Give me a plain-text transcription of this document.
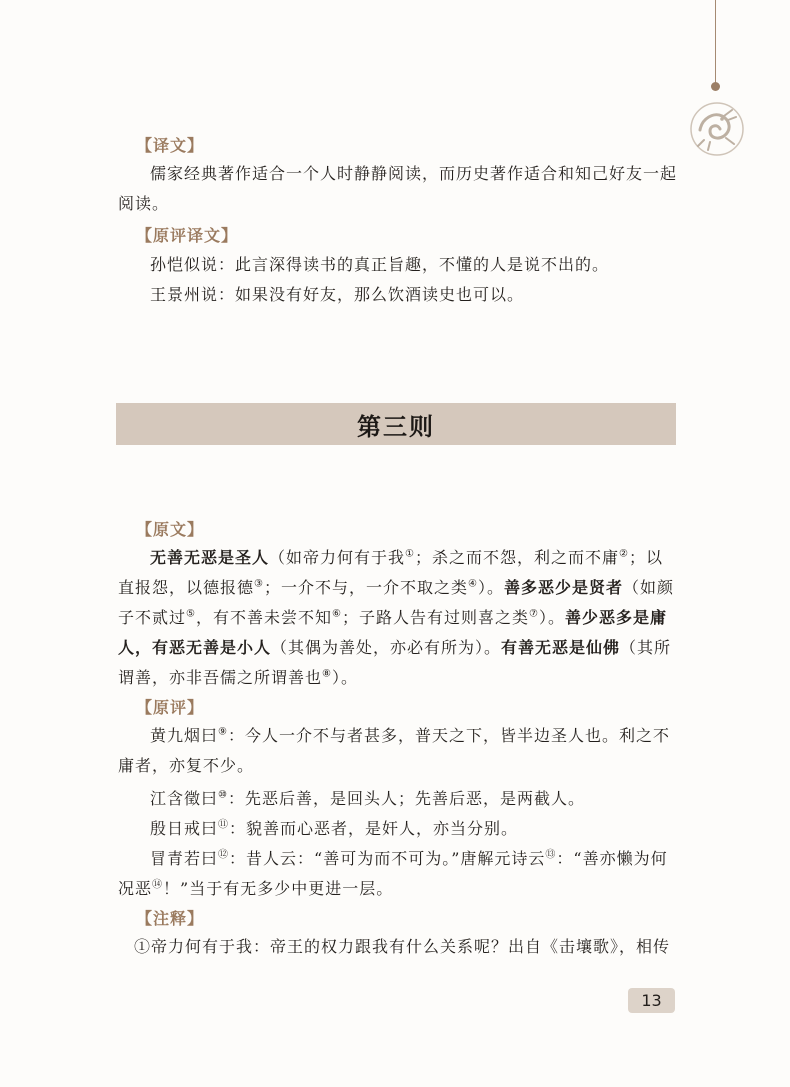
【译文】

儒家经典著作适合一个人时静静阅读，而历史著作适合和知己好友一起阅读。

【原评译文】

孙恺似说：此言深得读书的真正旨趣，不懂的人是说不出的。

王景州说：如果没有好友，那么饮酒读史也可以。

第三则
【原文】

无善无恶是圣人（如帝力何有于我①；杀之而不怨，利之而不庸②；以直报怨，以德报德③；一介不与，一介不取之类④）。善多恶少是贤者（如颜子不贰过⑤，有不善未尝不知⑥；子路人告有过则喜之类⑦）。善少恶多是庸人，有恶无善是小人（其偶为善处，亦必有所为）。有善无恶是仙佛（其所谓善，亦非吾儒之所谓善也⑧）。

【原评】

黄九烟曰⑨：今人一介不与者甚多，普天之下，皆半边圣人也。利之不庸者，亦复不少。

江含徵曰⑩：先恶后善，是回头人；先善后恶，是两截人。

殷日戒曰⑪：貌善而心恶者，是奸人，亦当分别。

冒青若曰⑫：昔人云：“善可为而不可为。”唐解元诗云⑬：“善亦懒为何况恶⑭！”当于有无多少中更进一层。

【注释】

①帝力何有于我：帝王的权力跟我有什么关系呢？出自《击壤歌》，相传

13
